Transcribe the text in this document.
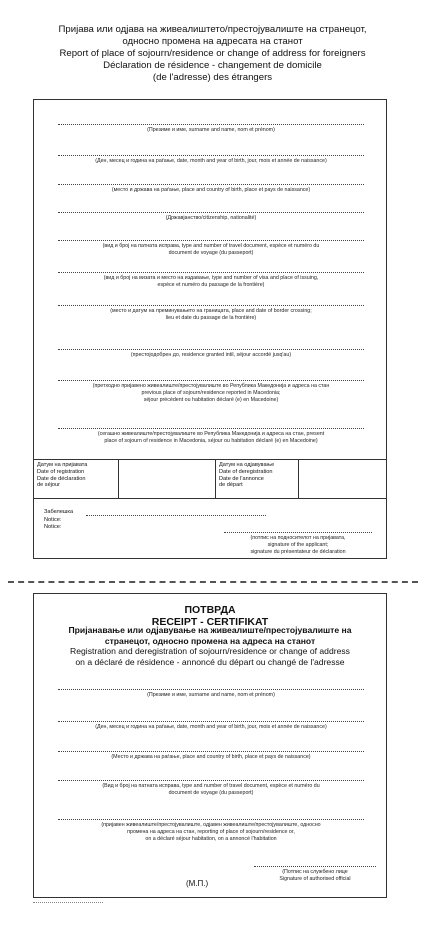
Пријава или одјава на живеалиштето/престојувалиште на странецот,
односно промена на адресата на станот
Report of place of sojourn/residence or change of address for foreigners
Déclaration de résidence - changement de domicile
(de l'adresse) des étrangers
(Презиме и име, surname and name, nom et prénom)
(Ден, месец и година на раѓање, date, month and year of birth, jour, mois et année de naissance)
(место и држава на раѓање, place and country of birth, place et pays de naissance)
(Државјанство/citizenship, nationalité)
(вид и број на патната исправа, type and number of travel document, espèce et numéro du
document de voyage (du passeport)
(вид и број на визата и место на издавање, type and number of visa and place of issuing,
espèce et numéro du passage de la frontière)
(место и датум на преминувањето на границата, place and date of border crossing;
lieu et date du passage de la frontière)
(престојодобрен до, residence granted intil, séjour accordé jusq'au)
(претходно пријавено живеалиште/престојувалиште во Република Македонија и адреса на стан
previous place of sojourn/residence reported in Macedonia;
séjour précédent ou habitation déclaré (e) en Macedoine)
(сегашно живеалиште/престојувалиште во Република Македонија и адреса на стан, present
place of sojourn of residence in Macedonia, séjour ou habitation déclaré (e) en Macedoine)
Датум на пријавата
Date of registration
Date de déclaration
de séjour
Датум на одјавување
Date of deregistration
Date de l'annonce
de départ
Забелешка
Notice:
Notice:
(потпис на подносителот на пријавата,
signature of the applicant;
signature du présentateur de déclaration
ПОТВРДА
RECEIPT - CERTIFIKAT
Пријанавање или одјавување на живеалиште/престојувалиште на
странецот, односно промена на адреса на станот
Registration and deregistration of sojourn/residence or change of address
on a déclaré de résidence - annoncé du départ ou changé de l'adresse
(Презиме и име, surname and name, nom et prénom)
(Ден, месец и година на раѓање, date, month and year of birth, jour, mois et année de naissance)
(Место и држава на раѓање, place and country of birth, place et pays de naissance)
(Вид и број на патната исправа, type and number of travel document, espèce et numéro du
document de voyage (du passeport)
(пријавен живеалиште/престојувалиште, одјавен живеалиште/престојувалиште, односно
промена на адреса на стан, reporting of place of sojourn/residence or,
on a déclaré séjour habitation, on a annoncé l'habitation
(М.П.)
(Потпис на службено лице
Signature of authorised official
